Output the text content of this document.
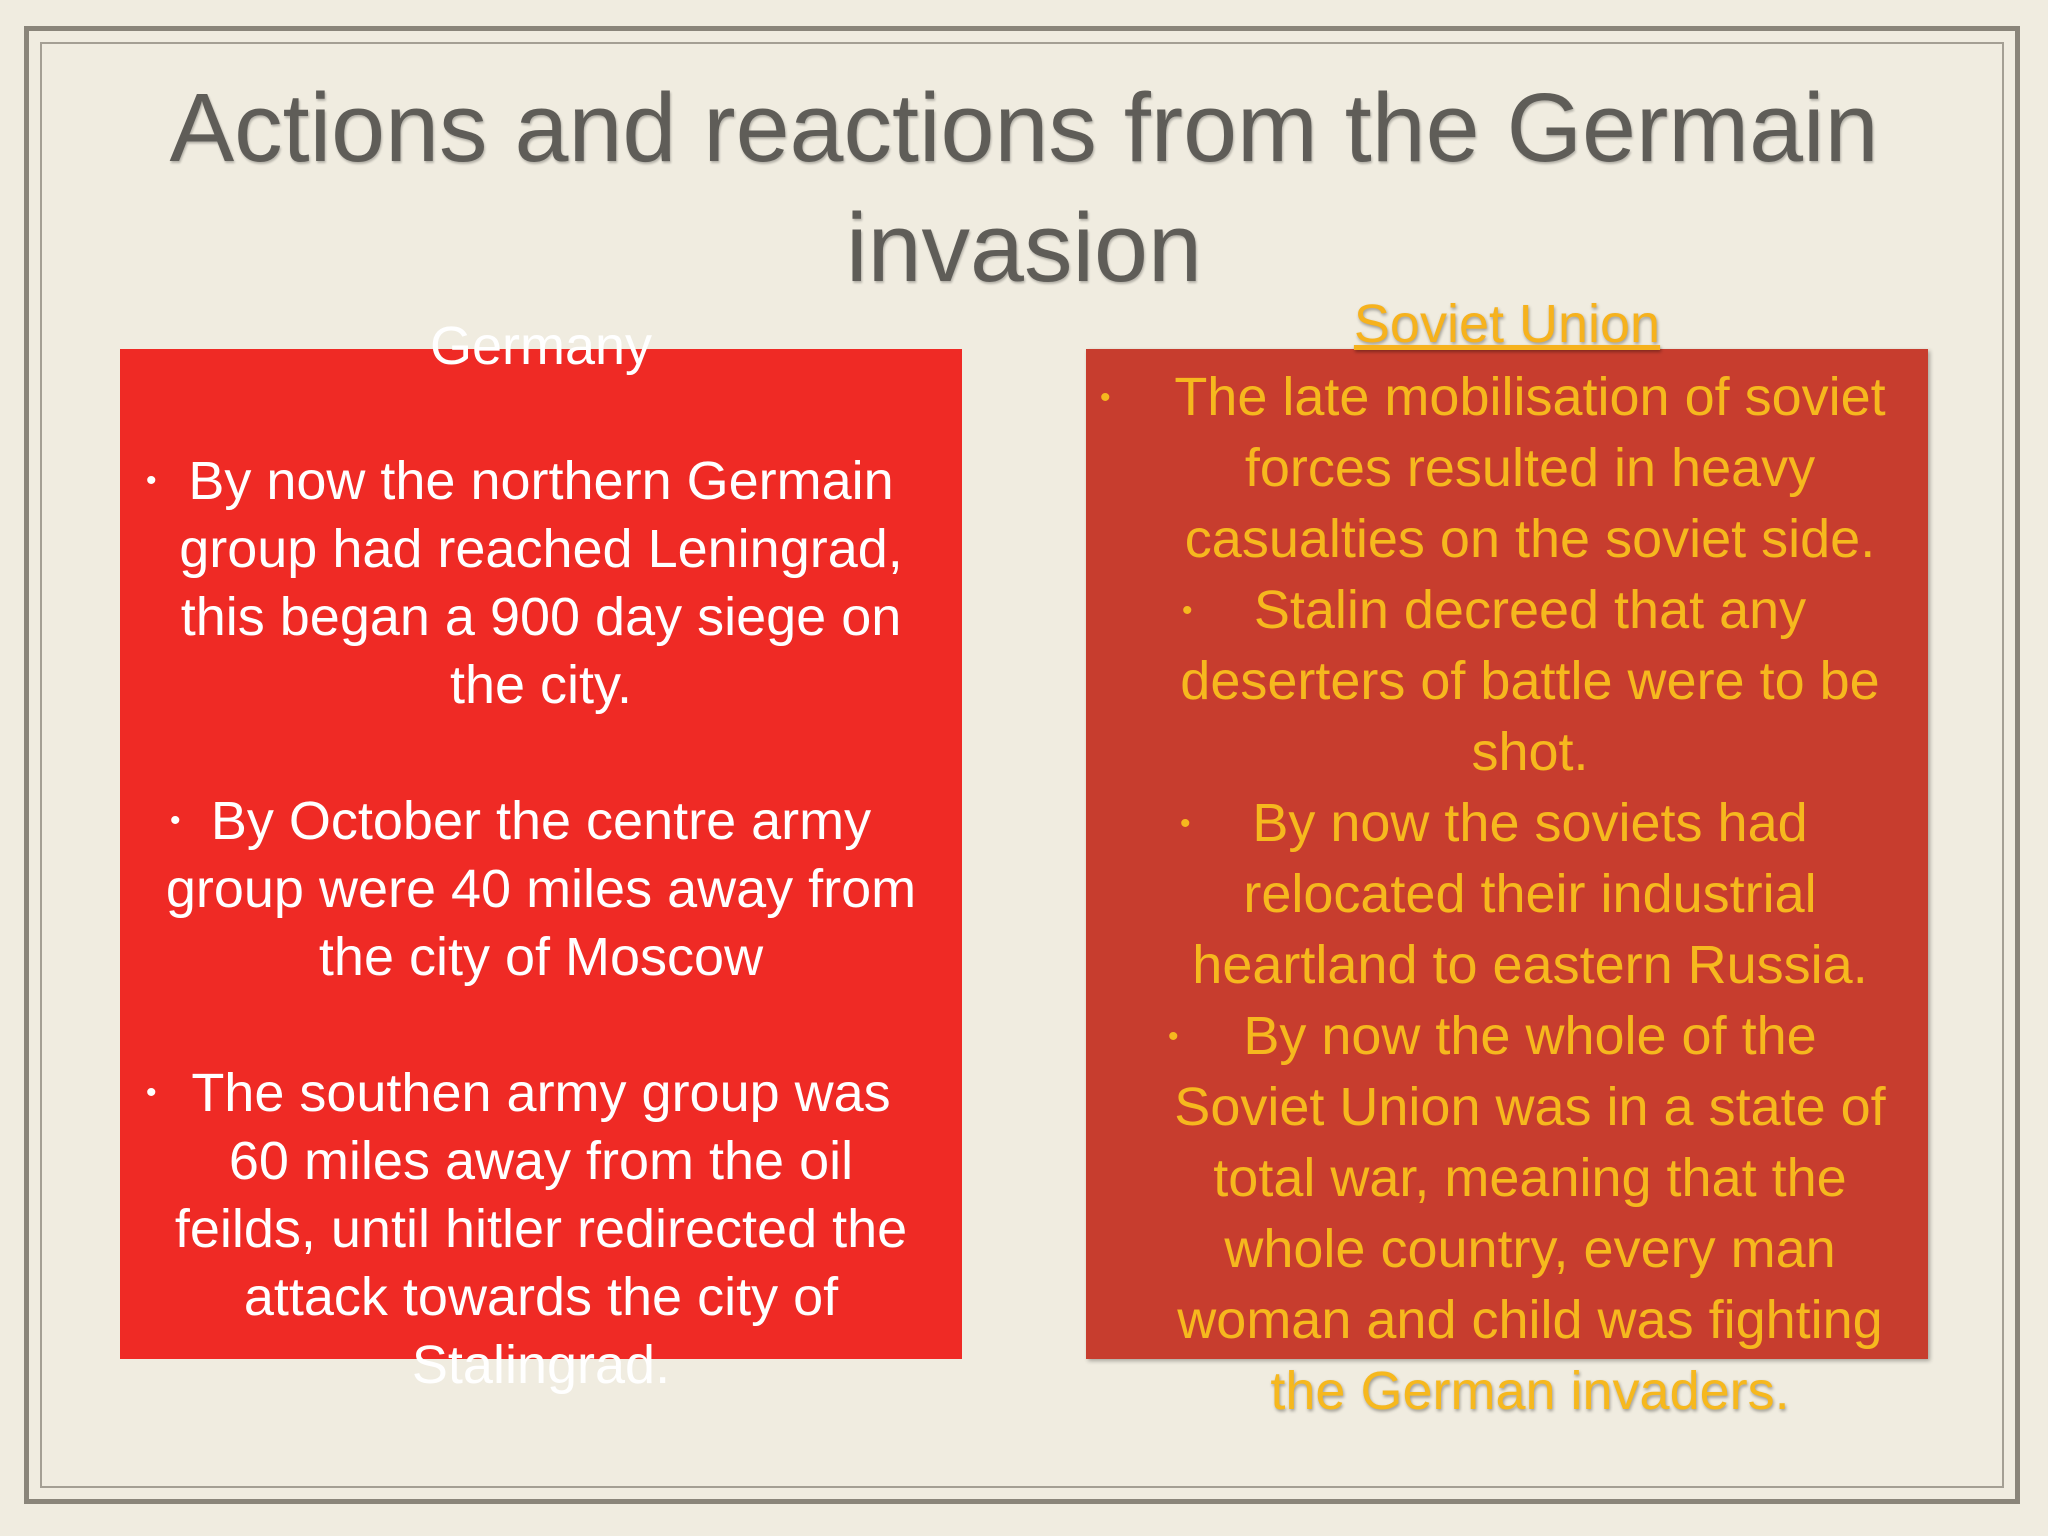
Actions and reactions from the Germain
invasion
Germany
• By now the northern Germain
group had reached Leningrad,
this began a 900 day siege on
the city.
• By October the centre army
group were 40 miles away from
the city of Moscow
• The southen army group was
60 miles away from the oil
feilds, until hitler redirected the
attack towards the city of
Stalingrad.
Soviet Union
•	The late mobilisation of soviet
forces resulted in heavy
casualties on the soviet side.
•	Stalin decreed that any
deserters of battle were to be
shot.
•	By now the soviets had
relocated their industrial
heartland to eastern Russia.
•	By now the whole of the
Soviet Union was in a state of
total war, meaning that the
whole country, every man
woman and child was fighting
the German invaders.
